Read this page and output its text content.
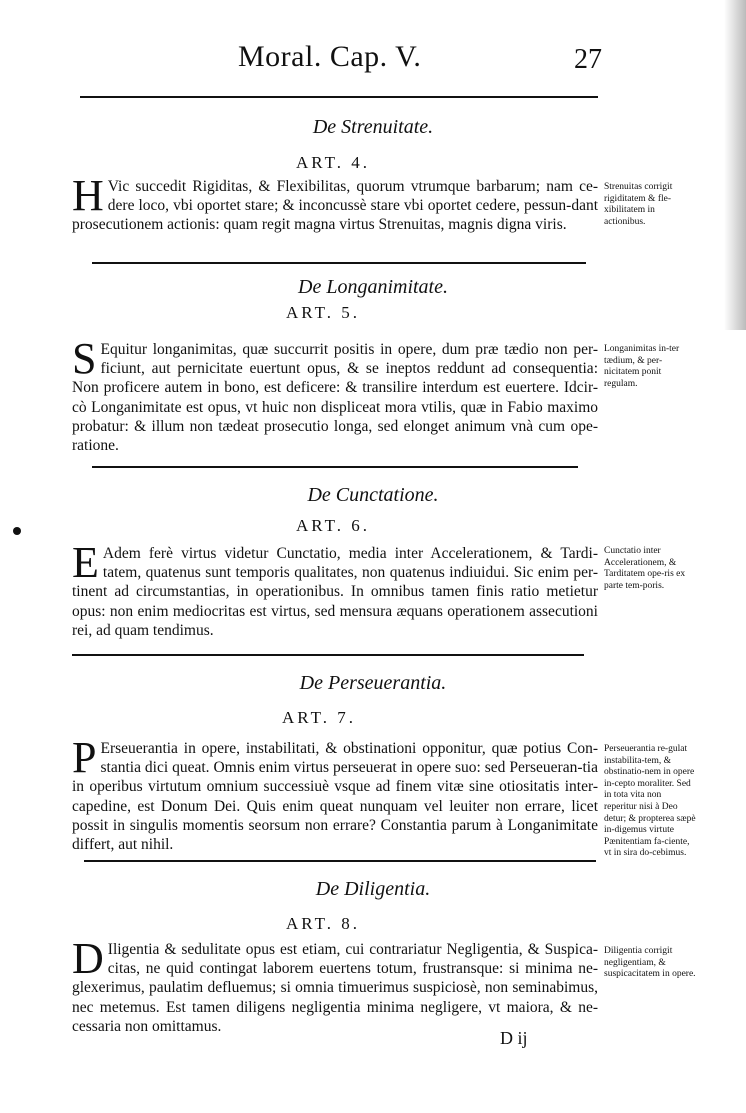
Moral. Cap. V.	27
De Strenuitate.
ART. 4.
H Vic succedit Rigiditas, & Flexibilitas, quorum vtrumque barbarum; nam ce-dere loco, vbi oportet stare; & inconcussè stare vbi oportet cedere, pessun-dant prosecutionem actionis: quam regit magna virtus Strenuitas, magnis digna viris.
Strenuitas corrigit rigiditatem & fle-xibilitatem in actionibus.
De Longanimitate.
ART. 5.
S Equitur longanimitas, quæ succurrit positis in opere, dum præ tædio non per-ficiunt, aut pernicitate euertunt opus, & se ineptos reddunt ad consequentia: Non proficere autem in bono, est deficere: & transilire interdum est euertere. Idcir-cò Longanimitate est opus, vt huic non displiceat mora vtilis, quæ in Fabio maximo probatur: & illum non tædeat prosecutio longa, sed elonget animum vnà cum ope-ratione.
Longanimitas in-ter tædium, & per-nicitatem ponit regulam.
De Cunctatione.
ART. 6.
E Adem ferè virtus videtur Cunctatio, media inter Accelerationem, & Tardi-tatem, quatenus sunt temporis qualitates, non quatenus indiuidui. Sic enim per-tinent ad circumstantias, in operationibus. In omnibus tamen finis ratio metietur opus: non enim mediocritas est virtus, sed mensura æquans operationem assecutioni rei, ad quam tendimus.
Cunctatio inter Accelerationem, & Tarditatem ope-ris ex parte tem-poris.
De Perseuerantia.
ART. 7.
P Erseuerantia in opere, instabilitati, & obstinationi opponitur, quæ potius Con-stantia dici queat. Omnis enim virtus perseuerat in opere suo: sed Perseueran-tia in operibus virtutum omnium successiuè vsque ad finem vitæ sine otiositatis inter-capedine, est Donum Dei. Quis enim queat nunquam vel leuiter non errare, licet possit in singulis momentis seorsum non errare? Constantia parum à Longanimitate differt, aut nihil.
Perseuerantia re-gulat instabilita-tem, & obstinatio-nem in opere in-cepto moraliter. Sed in tota vita non reperitur nisi à Deo detur; & propterea sæpè in-digemus virtute Pænitentiam fa-ciente, vt in sira do-cebimus.
De Diligentia.
ART. 8.
D Iligentia & sedulitate opus est etiam, cui contrariatur Negligentia, & Suspica-citas, ne quid contingat laborem euertens totum, frustransque: si minima ne-glexerimus, paulatim defluemus; si omnia timuerimus suspiciosè, non seminabimus, nec metemus. Est tamen diligens negligentia minima negligere, vt maiora, & ne-cessaria non omittamus.
Diligentia corrigit negligentiam, & suspicacitatem in opere.
D ij
